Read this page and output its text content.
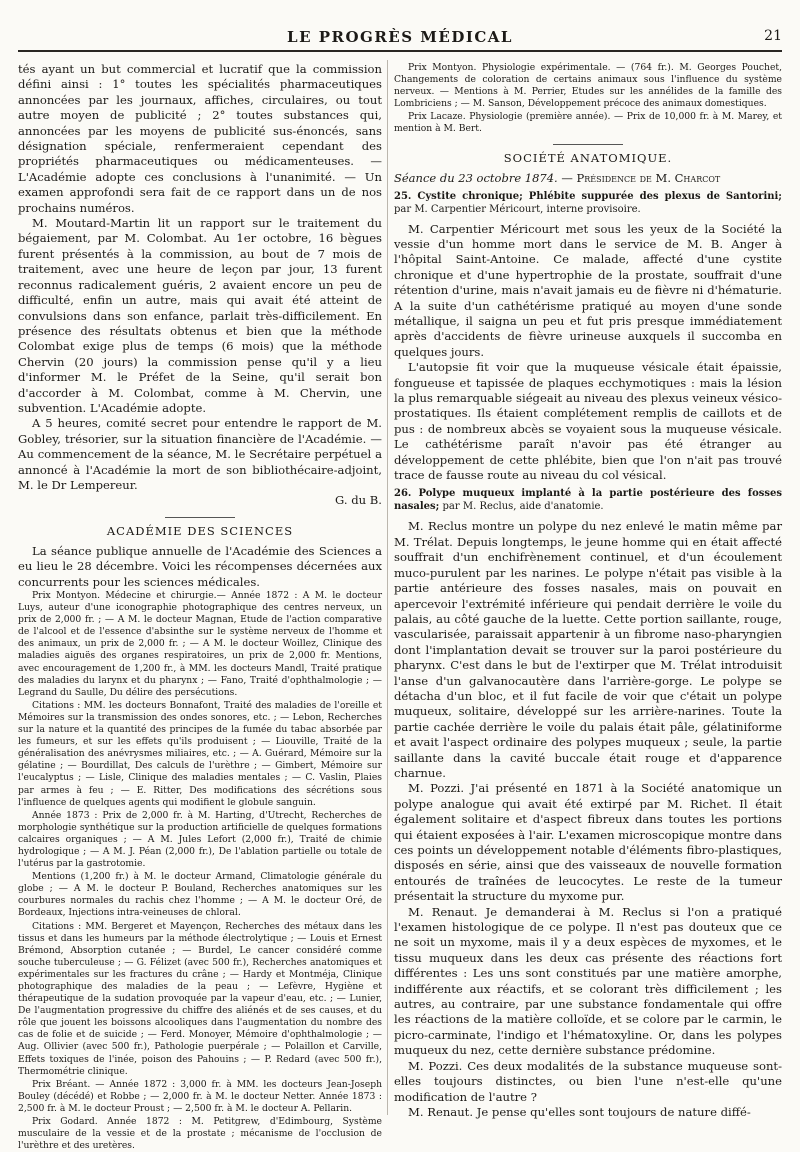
LE PROGRÈS MÉDICAL	21

tés ayant un but commercial et lucratif que la commission défini ainsi : 1° toutes les spécialités pharmaceutiques annoncées par les journaux, affiches, circulaires, ou tout autre moyen de publicité ; 2° toutes substances qui, annoncées par les moyens de publicité sus-énoncés, sans désignation spéciale, renfermeraient cependant des propriétés pharmaceutiques ou médicamenteuses. — L'Académie adopte ces conclusions à l'unanimité. — Un examen approfondi sera fait de ce rapport dans un de nos prochains numéros.

M. Moutard-Martin lit un rapport sur le traitement du bégaiement, par M. Colombat. Au 1er octobre, 16 bègues furent présentés à la commission, au bout de 7 mois de traitement, avec une heure de leçon par jour, 13 furent reconnus radicalement guéris, 2 avaient encore un peu de difficulté, enfin un autre, mais qui avait été atteint de convulsions dans son enfance, parlait très-difficilement. En présence des résultats obtenus et bien que la méthode Colombat exige plus de temps (6 mois) que la méthode Chervin (20 jours) la commission pense qu'il y a lieu d'informer M. le Préfet de la Seine, qu'il serait bon d'accorder à M. Colombat, comme à M. Chervin, une subvention. L'Académie adopte.

A 5 heures, comité secret pour entendre le rapport de M. Gobley, trésorier, sur la situation financière de l'Académie. — Au commencement de la séance, M. le Secrétaire perpétuel a annoncé à l'Académie la mort de son bibliothécaire-adjoint, M. le Dr Lempereur.

G. du B.

ACADÉMIE DES SCIENCES

La séance publique annuelle de l'Académie des Sciences a eu lieu le 28 décembre. Voici les récompenses décernées aux concurrents pour les sciences médicales.

Prix Montyon. Médecine et chirurgie.— Année 1872 : A M. le docteur Luys, auteur d'une iconographie photographique des centres nerveux, un prix de 2,000 fr. ; — A M. le docteur Magnan, Etude de l'action comparative de l'alcool et de l'essence d'absinthe sur le système nerveux de l'homme et des animaux, un prix de 2,000 fr. ; — A M. le docteur Woillez, Clinique des maladies aiguës des organes respiratoires, un prix de 2,000 fr. Mentions, avec encouragement de 1,200 fr., à MM. les docteurs Mandl, Traité pratique des maladies du larynx et du pharynx ; — Fano, Traité d'ophthalmologie ; — Legrand du Saulle, Du délire des persécutions.

Citations : MM. les docteurs Bonnafont, Traité des maladies de l'oreille et Mémoires sur la transmission des ondes sonores, etc. ; — Lebon, Recherches sur la nature et la quantité des principes de la fumée du tabac absorbée par les fumeurs, et sur les effets qu'ils produisent ; — Liouville, Traité de la généralisation des anévrysmes miliaires, etc. ; — A. Guérard, Mémoire sur la gélatine ; — Bourdillat, Des calculs de l'urèthre ; — Gimbert, Mémoire sur l'eucalyptus ; — Lisle, Clinique des maladies mentales ; — C. Vaslin, Plaies par armes à feu ; — E. Ritter, Des modifications des sécrétions sous l'influence de quelques agents qui modifient le globule sanguin.

Année 1873 : Prix de 2,000 fr. à M. Harting, d'Utrecht, Recherches de morphologie synthétique sur la production artificielle de quelques formations calcaires organiques ; — A M. Jules Lefort (2,000 fr.), Traité de chimie hydrologique ; — A M. J. Péan (2,000 fr.), De l'ablation partielle ou totale de l'utérus par la gastrotomie.

Mentions (1,200 fr.) à M. le docteur Armand, Climatologie générale du globe ; — A M. le docteur P. Bouland, Recherches anatomiques sur les courbures normales du rachis chez l'homme ; — A M. le docteur Oré, de Bordeaux, Injections intra-veineuses de chloral.

Citations : MM. Bergeret et Mayençon, Recherches des métaux dans les tissus et dans les humeurs par la méthode électrolytique ; — Louis et Ernest Brémond, Absorption cutanée ; — Burdel, Le cancer considéré comme souche tuberculeuse ; — G. Félizet (avec 500 fr.), Recherches anatomiques et expérimentales sur les fractures du crâne ; — Hardy et Montméja, Clinique photographique des maladies de la peau ; — Lefèvre, Hygiène et thérapeutique de la sudation provoquée par la vapeur d'eau, etc. ; — Lunier, De l'augmentation progressive du chiffre des aliénés et de ses causes, et du rôle que jouent les boissons alcooliques dans l'augmentation du nombre des cas de folie et de suicide ; — Ferd. Monoyer, Mémoire d'ophthalmologie ; — Aug. Ollivier (avec 500 fr.), Pathologie puerpérale ; — Polaillon et Carville, Effets toxiques de l'inée, poison des Pahouins ; — P. Redard (avec 500 fr.), Thermométrie clinique.

Prix Bréant. — Année 1872 : 3,000 fr. à MM. les docteurs Jean-Joseph Bouley (décédé) et Robbe ; — 2,000 fr. à M. le docteur Netter. Année 1873 : 2,500 fr. à M. le docteur Proust ; — 2,500 fr. à M. le docteur A. Pellarin.

Prix Godard. Année 1872 : M. Petitgrew, d'Edimbourg, Système musculaire de la vessie et de la prostate ; mécanisme de l'occlusion de l'urèthre et des uretères.

Prix Montyon. Physiologie expérimentale. — (764 fr.). M. Georges Pouchet, Changements de coloration de certains animaux sous l'influence du système nerveux. — Mentions à M. Perrier, Etudes sur les annélides de la famille des Lombriciens ; — M. Sanson, Développement précoce des animaux domestiques.

Prix Lacaze. Physiologie (première année). — Prix de 10,000 fr. à M. Marey, et mention à M. Bert.

SOCIÉTÉ ANATOMIQUE.

Séance du 23 octobre 1874. — Présidence de M. Charcot

25. Cystite chronique; Phlébite suppurée des plexus de Santorini; par M. Carpentier Méricourt, interne provisoire.

M. Carpentier Méricourt met sous les yeux de la Société la vessie d'un homme mort dans le service de M. B. Anger à l'hôpital Saint-Antoine. Ce malade, affecté d'une cystite chronique et d'une hypertrophie de la prostate, souffrait d'une rétention d'urine, mais n'avait jamais eu de fièvre ni d'hématurie. A la suite d'un cathétérisme pratiqué au moyen d'une sonde métallique, il saigna un peu et fut pris presque immédiatement après d'accidents de fièvre urineuse auxquels il succomba en quelques jours.

L'autopsie fit voir que la muqueuse vésicale était épaissie, fongueuse et tapissée de plaques ecchymotiques : mais la lésion la plus remarquable siégeait au niveau des plexus veineux vésico-prostatiques. Ils étaient complétement remplis de caillots et de pus : de nombreux abcès se voyaient sous la muqueuse vésicale. Le cathétérisme paraît n'avoir pas été étranger au développement de cette phlébite, bien que l'on n'ait pas trouvé trace de fausse route au niveau du col vésical.

26. Polype muqueux implanté à la partie postérieure des fosses nasales; par M. Reclus, aide d'anatomie.

M. Reclus montre un polype du nez enlevé le matin même par M. Trélat. Depuis longtemps, le jeune homme qui en était affecté souffrait d'un enchifrènement continuel, et d'un écoulement muco-purulent par les narines. Le polype n'était pas visible à la partie antérieure des fosses nasales, mais on pouvait en apercevoir l'extrémité inférieure qui pendait derrière le voile du palais, au côté gauche de la luette. Cette portion saillante, rouge, vascularisée, paraissait appartenir à un fibrome naso-pharyngien dont l'implantation devait se trouver sur la paroi postérieure du pharynx. C'est dans le but de l'extirper que M. Trélat introduisit l'anse d'un galvanocautère dans l'arrière-gorge. Le polype se détacha d'un bloc, et il fut facile de voir que c'était un polype muqueux, solitaire, développé sur les arrière-narines. Toute la partie cachée derrière le voile du palais était pâle, gélatiniforme et avait l'aspect ordinaire des polypes muqueux ; seule, la partie saillante dans la cavité buccale était rouge et d'apparence charnue.

M. Pozzi. J'ai présenté en 1871 à la Société anatomique un polype analogue qui avait été extirpé par M. Richet. Il était également solitaire et d'aspect fibreux dans toutes les portions qui étaient exposées à l'air. L'examen microscopique montre dans ces points un développement notable d'éléments fibro-plastiques, disposés en série, ainsi que des vaisseaux de nouvelle formation entourés de traînées de leucocytes. Le reste de la tumeur présentait la structure du myxome pur.

M. Renaut. Je demanderai à M. Reclus si l'on a pratiqué l'examen histologique de ce polype. Il n'est pas douteux que ce ne soit un myxome, mais il y a deux espèces de myxomes, et le tissu muqueux dans les deux cas présente des réactions fort différentes : Les uns sont constitués par une matière amorphe, indifférente aux réactifs, et se colorant très difficilement ; les autres, au contraire, par une substance fondamentale qui offre les réactions de la matière colloïde, et se colore par le carmin, le picro-carminate, l'indigo et l'hématoxyline. Or, dans les polypes muqueux du nez, cette dernière substance prédomine.

M. Pozzi. Ces deux modalités de la substance muqueuse sont-elles toujours distinctes, ou bien l'une n'est-elle qu'une modification de l'autre ?

M. Renaut. Je pense qu'elles sont toujours de nature diffé-
